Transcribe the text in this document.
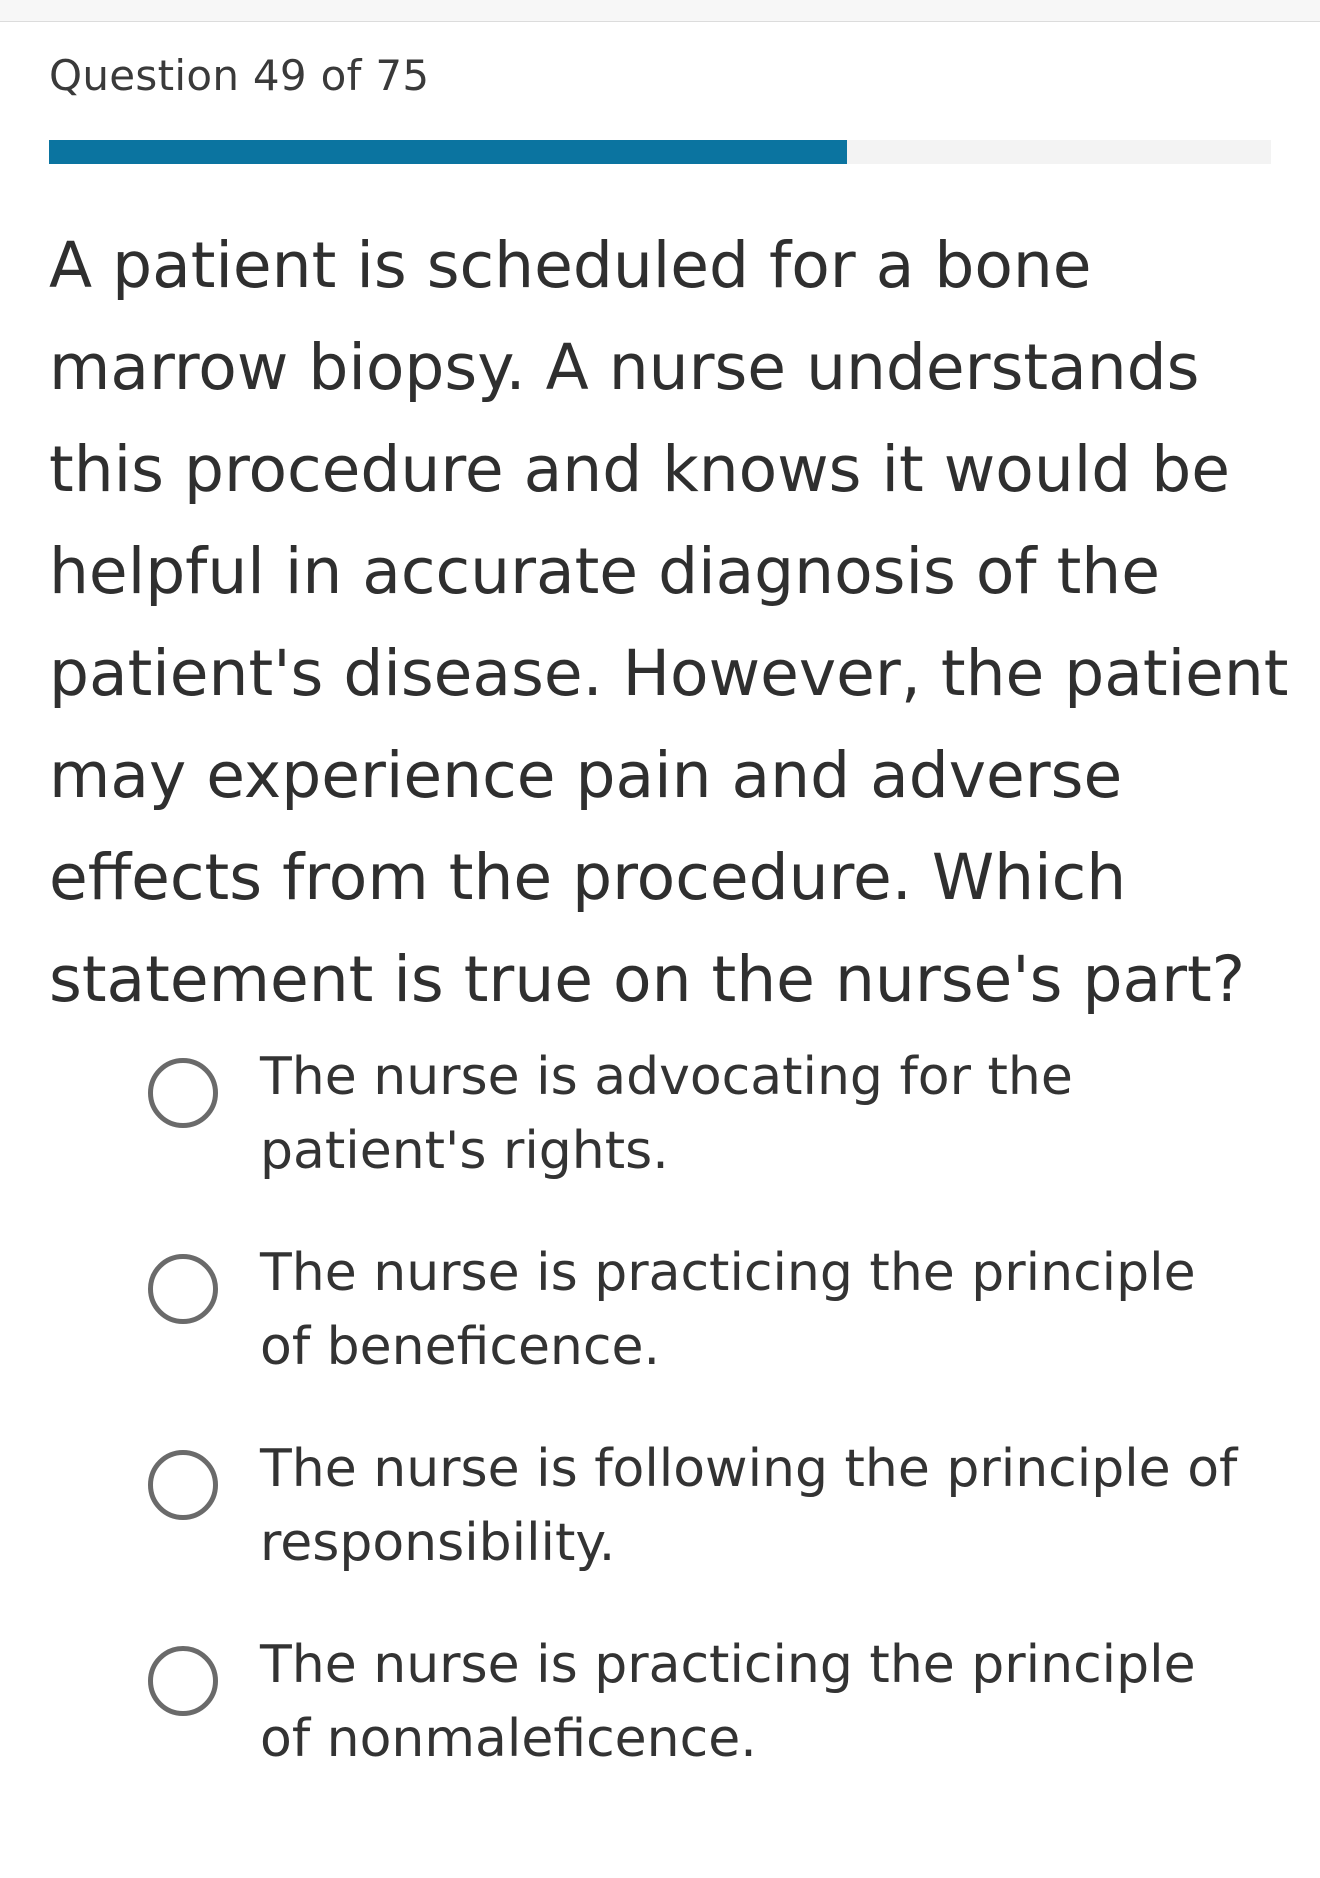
Question 49 of 75
A patient is scheduled for a bone marrow biopsy. A nurse understands this procedure and knows it would be helpful in accurate diagnosis of the patient's disease. However, the patient may experience pain and adverse effects from the procedure. Which statement is true on the nurse's part?
The nurse is advocating for the patient's rights.
The nurse is practicing the principle of beneficence.
The nurse is following the principle of responsibility.
The nurse is practicing the principle of nonmaleficence.
